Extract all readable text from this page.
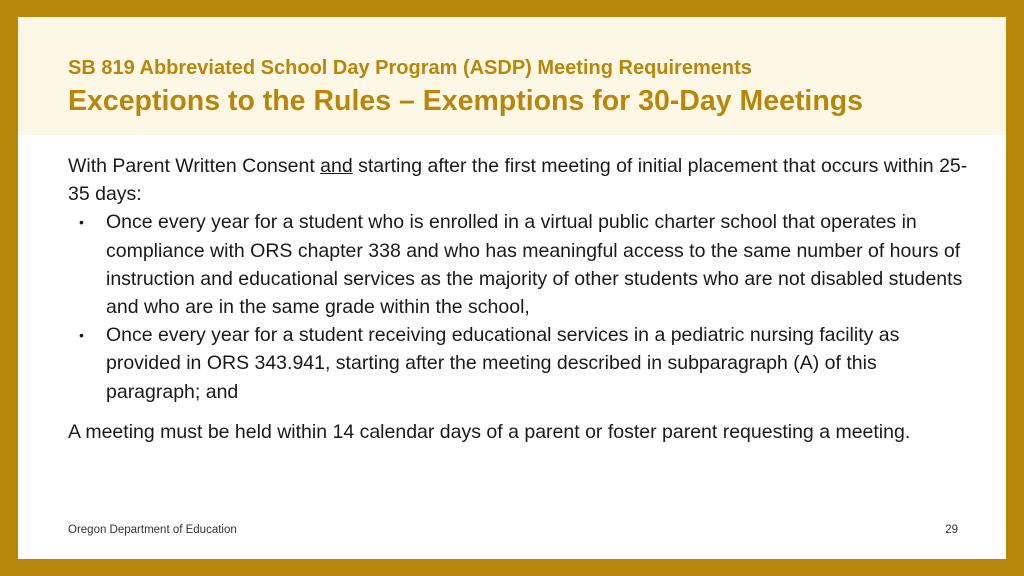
SB 819 Abbreviated School Day Program (ASDP) Meeting Requirements
Exceptions to the Rules – Exemptions for 30-Day Meetings

With Parent Written Consent and starting after the first meeting of initial placement that occurs within 25-35 days:

• Once every year for a student who is enrolled in a virtual public charter school that operates in compliance with ORS chapter 338 and who has meaningful access to the same number of hours of instruction and educational services as the majority of other students who are not disabled students and who are in the same grade within the school,
• Once every year for a student receiving educational services in a pediatric nursing facility as provided in ORS 343.941, starting after the meeting described in subparagraph (A) of this paragraph; and

A meeting must be held within 14 calendar days of a parent or foster parent requesting a meeting.

Oregon Department of Education	29
